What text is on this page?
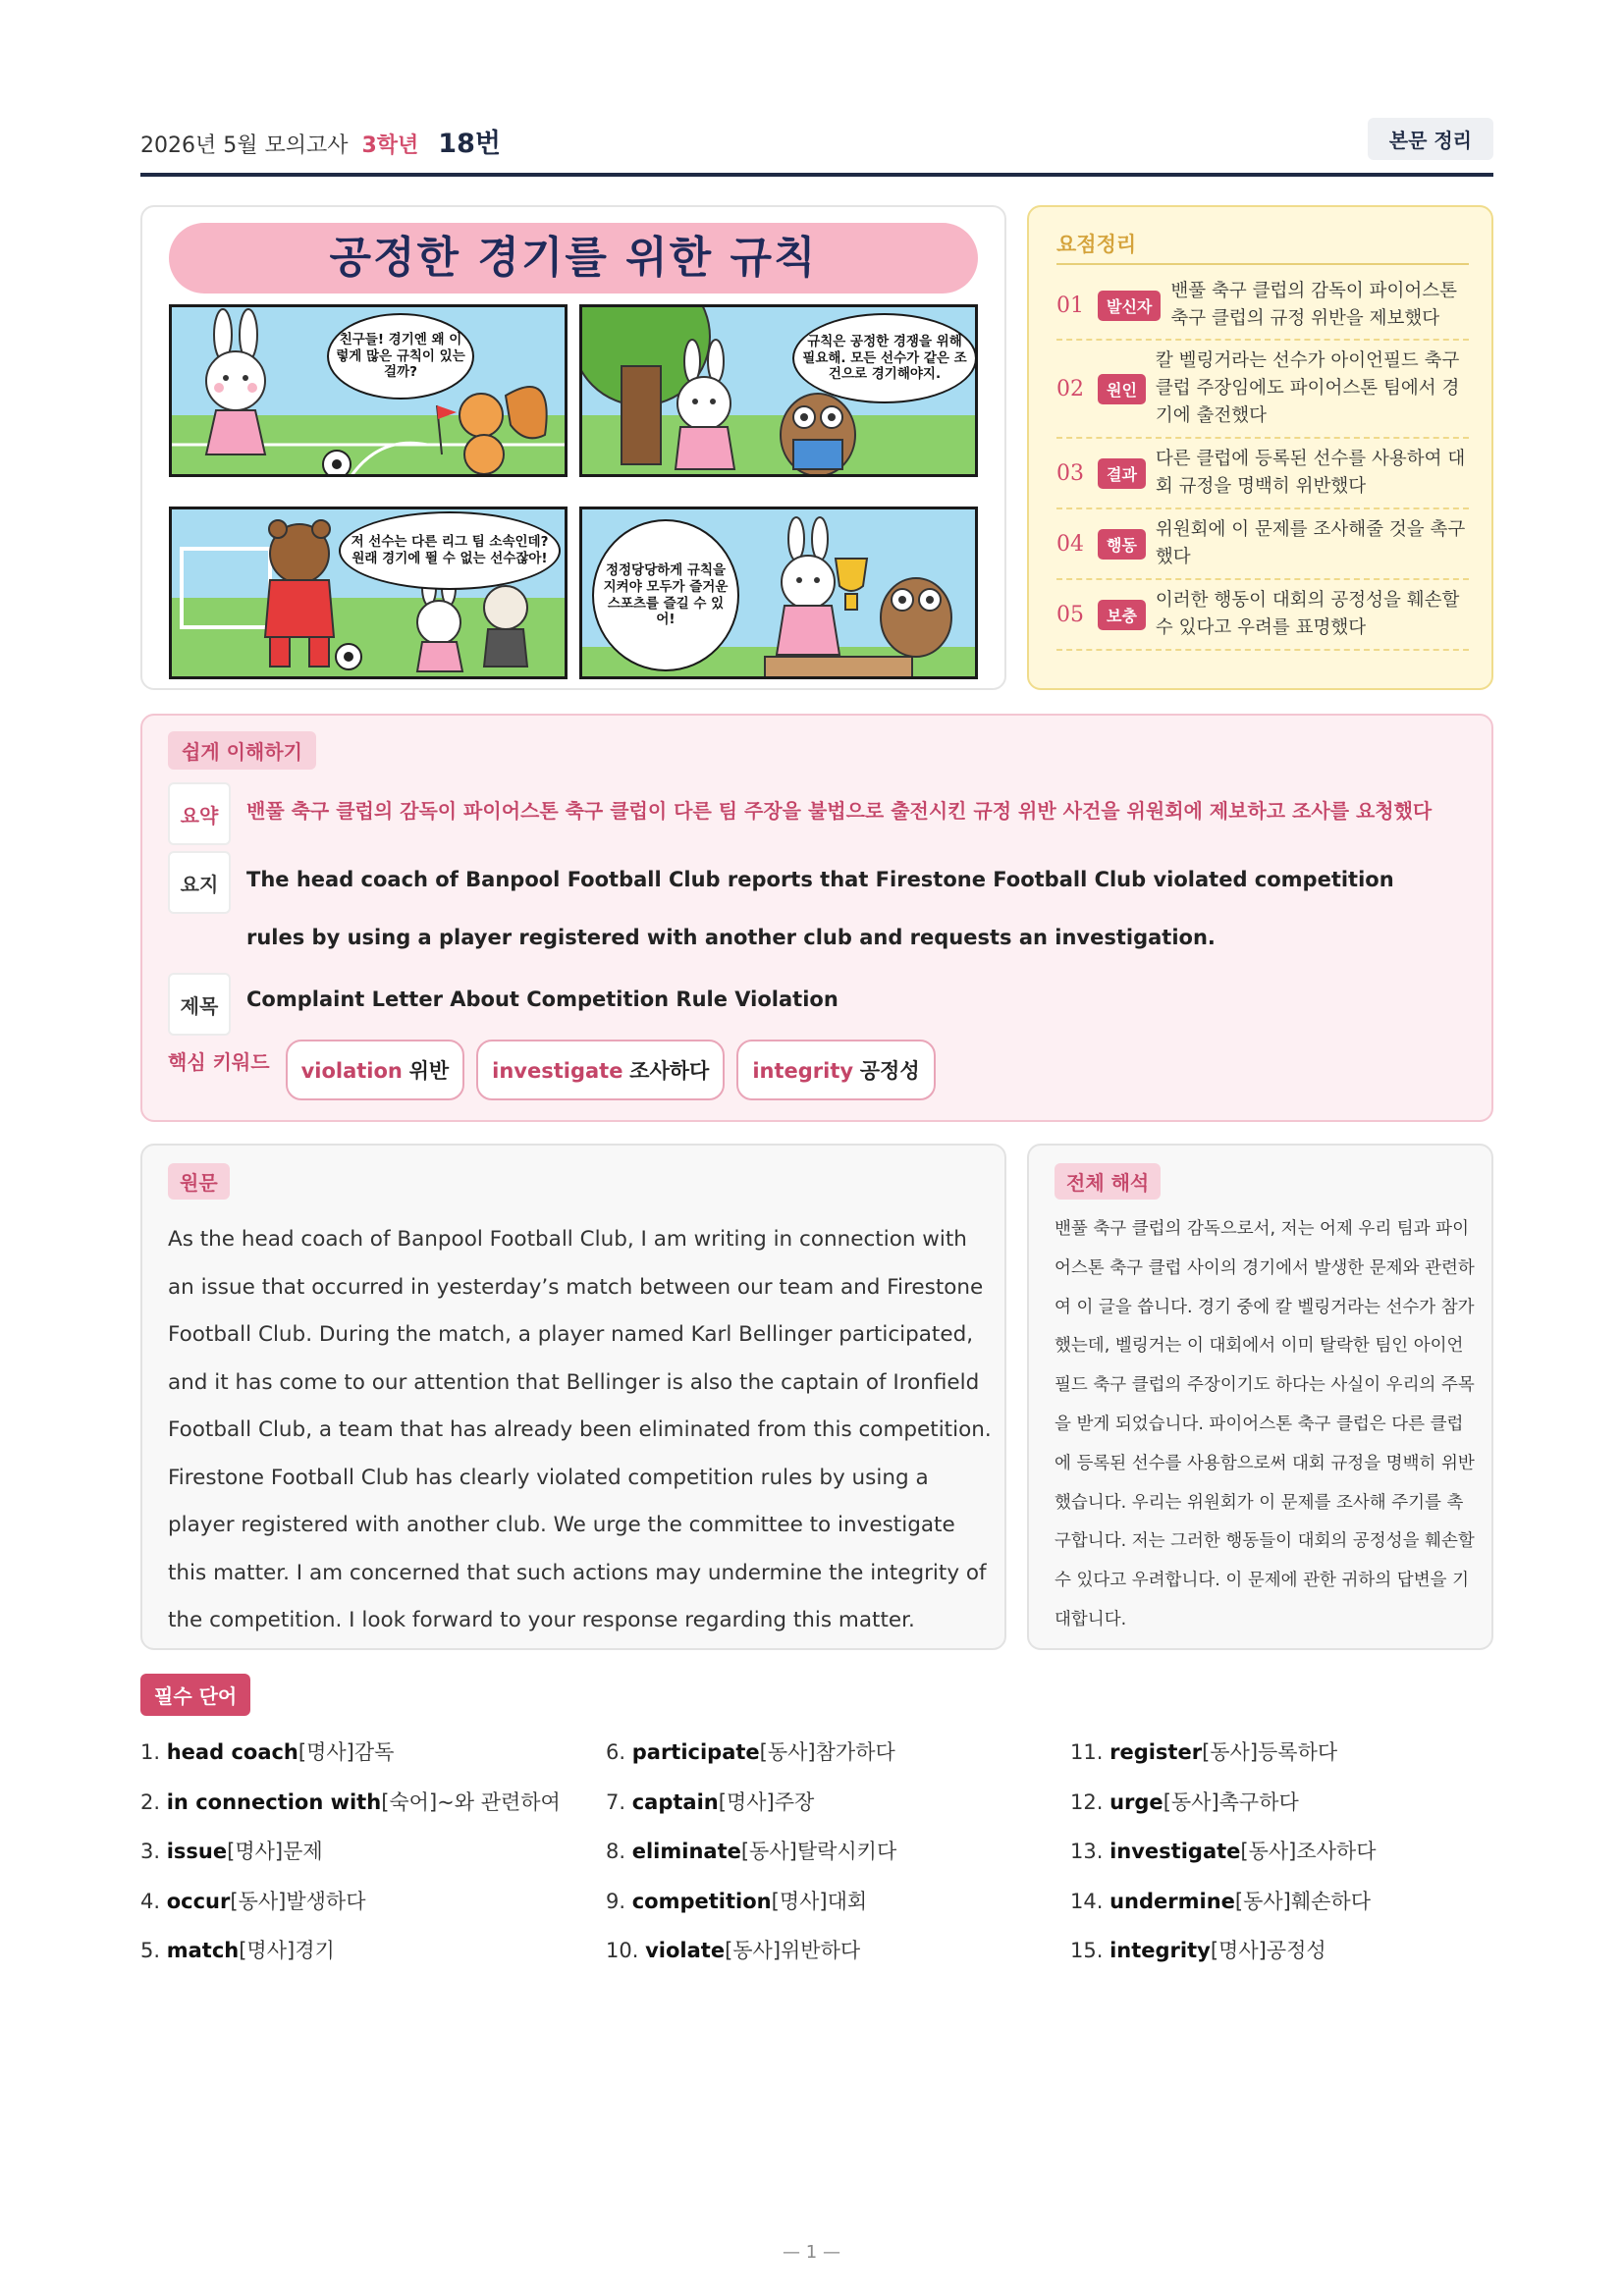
2026년 5월 모의고사 3학년 18번	본문 정리
공정한 경기를 위한 규칙
친구들! 경기엔 왜 이렇게 많은 규칙이 있는 걸까?
규칙은 공정한 경쟁을 위해 필요해. 모든 선수가 같은 조건으로 경기해야지.
저 선수는 다른 리그 팀 소속인데? 원래 경기에 뛸 수 없는 선수잖아!
정정당당하게 규칙을 지켜야 모두가 즐거운 스포츠를 즐길 수 있어!
요점정리
01	발신자
밴풀 축구 클럽의 감독이 파이어스톤 축구 클럽의 규정 위반을 제보했다
02	원인
칼 벨링거라는 선수가 아이언필드 축구 클럽 주장임에도 파이어스톤 팀에서 경기에 출전했다
03	결과
다른 클럽에 등록된 선수를 사용하여 대회 규정을 명백히 위반했다
04	행동
위원회에 이 문제를 조사해줄 것을 촉구했다
05	보충
이러한 행동이 대회의 공정성을 훼손할 수 있다고 우려를 표명했다
쉽게 이해하기
요약	밴풀 축구 클럽의 감독이 파이어스톤 축구 클럽이 다른 팀 주장을 불법으로 출전시킨 규정 위반 사건을 위원회에 제보하고 조사를 요청했다
요지	The head coach of Banpool Football Club reports that Firestone Football Club violated competition rules by using a player registered with another club and requests an investigation.
제목	Complaint Letter About Competition Rule Violation
핵심 키워드	violation 위반	investigate 조사하다	integrity 공정성
원문
As the head coach of Banpool Football Club, I am writing in connection with an issue that occurred in yesterday’s match between our team and Firestone Football Club. During the match, a player named Karl Bellinger participated, and it has come to our attention that Bellinger is also the captain of Ironfield Football Club, a team that has already been eliminated from this competition. Firestone Football Club has clearly violated competition rules by using a player registered with another club. We urge the committee to investigate this matter. I am concerned that such actions may undermine the integrity of the competition. I look forward to your response regarding this matter.
전체 해석
밴풀 축구 클럽의 감독으로서, 저는 어제 우리 팀과 파이어스톤 축구 클럽 사이의 경기에서 발생한 문제와 관련하여 이 글을 씁니다. 경기 중에 칼 벨링거라는 선수가 참가했는데, 벨링거는 이 대회에서 이미 탈락한 팀인 아이언필드 축구 클럽의 주장이기도 하다는 사실이 우리의 주목을 받게 되었습니다. 파이어스톤 축구 클럽은 다른 클럽에 등록된 선수를 사용함으로써 대회 규정을 명백히 위반했습니다. 우리는 위원회가 이 문제를 조사해 주기를 촉구합니다. 저는 그러한 행동들이 대회의 공정성을 훼손할 수 있다고 우려합니다. 이 문제에 관한 귀하의 답변을 기대합니다.
필수 단어
1. head coach[명사]감독
2. in connection with[숙어]~와 관련하여
3. issue[명사]문제
4. occur[동사]발생하다
5. match[명사]경기
6. participate[동사]참가하다
7. captain[명사]주장
8. eliminate[동사]탈락시키다
9. competition[명사]대회
10. violate[동사]위반하다
11. register[동사]등록하다
12. urge[동사]촉구하다
13. investigate[동사]조사하다
14. undermine[동사]훼손하다
15. integrity[명사]공정성
— 1 —
